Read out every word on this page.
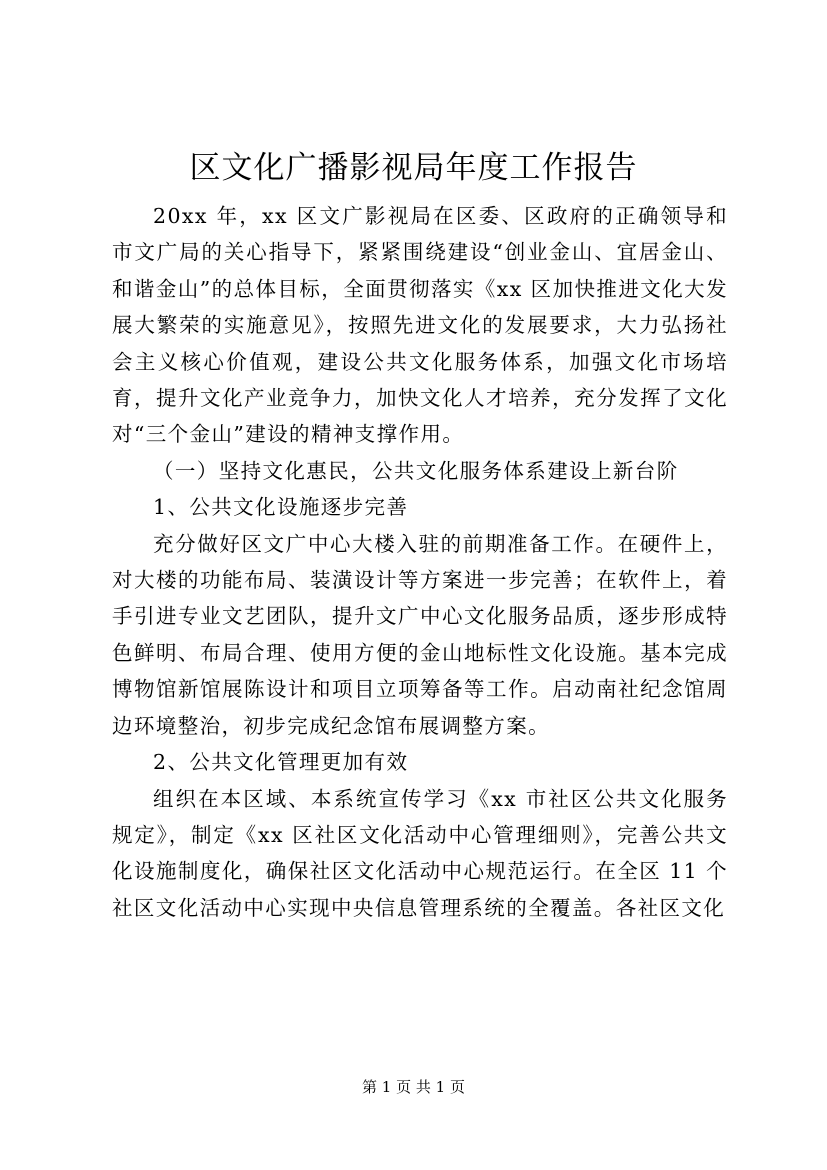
区文化广播影视局年度工作报告

20xx 年，xx 区文广影视局在区委、区政府的正确领导和市文广局的关心指导下，紧紧围绕建设“创业金山、宜居金山、和谐金山”的总体目标，全面贯彻落实《xx 区加快推进文化大发展大繁荣的实施意见》，按照先进文化的发展要求，大力弘扬社会主义核心价值观，建设公共文化服务体系，加强文化市场培育，提升文化产业竞争力，加快文化人才培养，充分发挥了文化对“三个金山”建设的精神支撑作用。

（一）坚持文化惠民，公共文化服务体系建设上新台阶

1、公共文化设施逐步完善

充分做好区文广中心大楼入驻的前期准备工作。在硬件上，对大楼的功能布局、装潢设计等方案进一步完善；在软件上，着手引进专业文艺团队，提升文广中心文化服务品质，逐步形成特色鲜明、布局合理、使用方便的金山地标性文化设施。基本完成博物馆新馆展陈设计和项目立项筹备等工作。启动南社纪念馆周边环境整治，初步完成纪念馆布展调整方案。

2、公共文化管理更加有效

组织在本区域、本系统宣传学习《xx 市社区公共文化服务规定》，制定《xx 区社区文化活动中心管理细则》，完善公共文化设施制度化，确保社区文化活动中心规范运行。在全区 11 个社区文化活动中心实现中央信息管理系统的全覆盖。各社区文化

第 1 页 共 1 页
